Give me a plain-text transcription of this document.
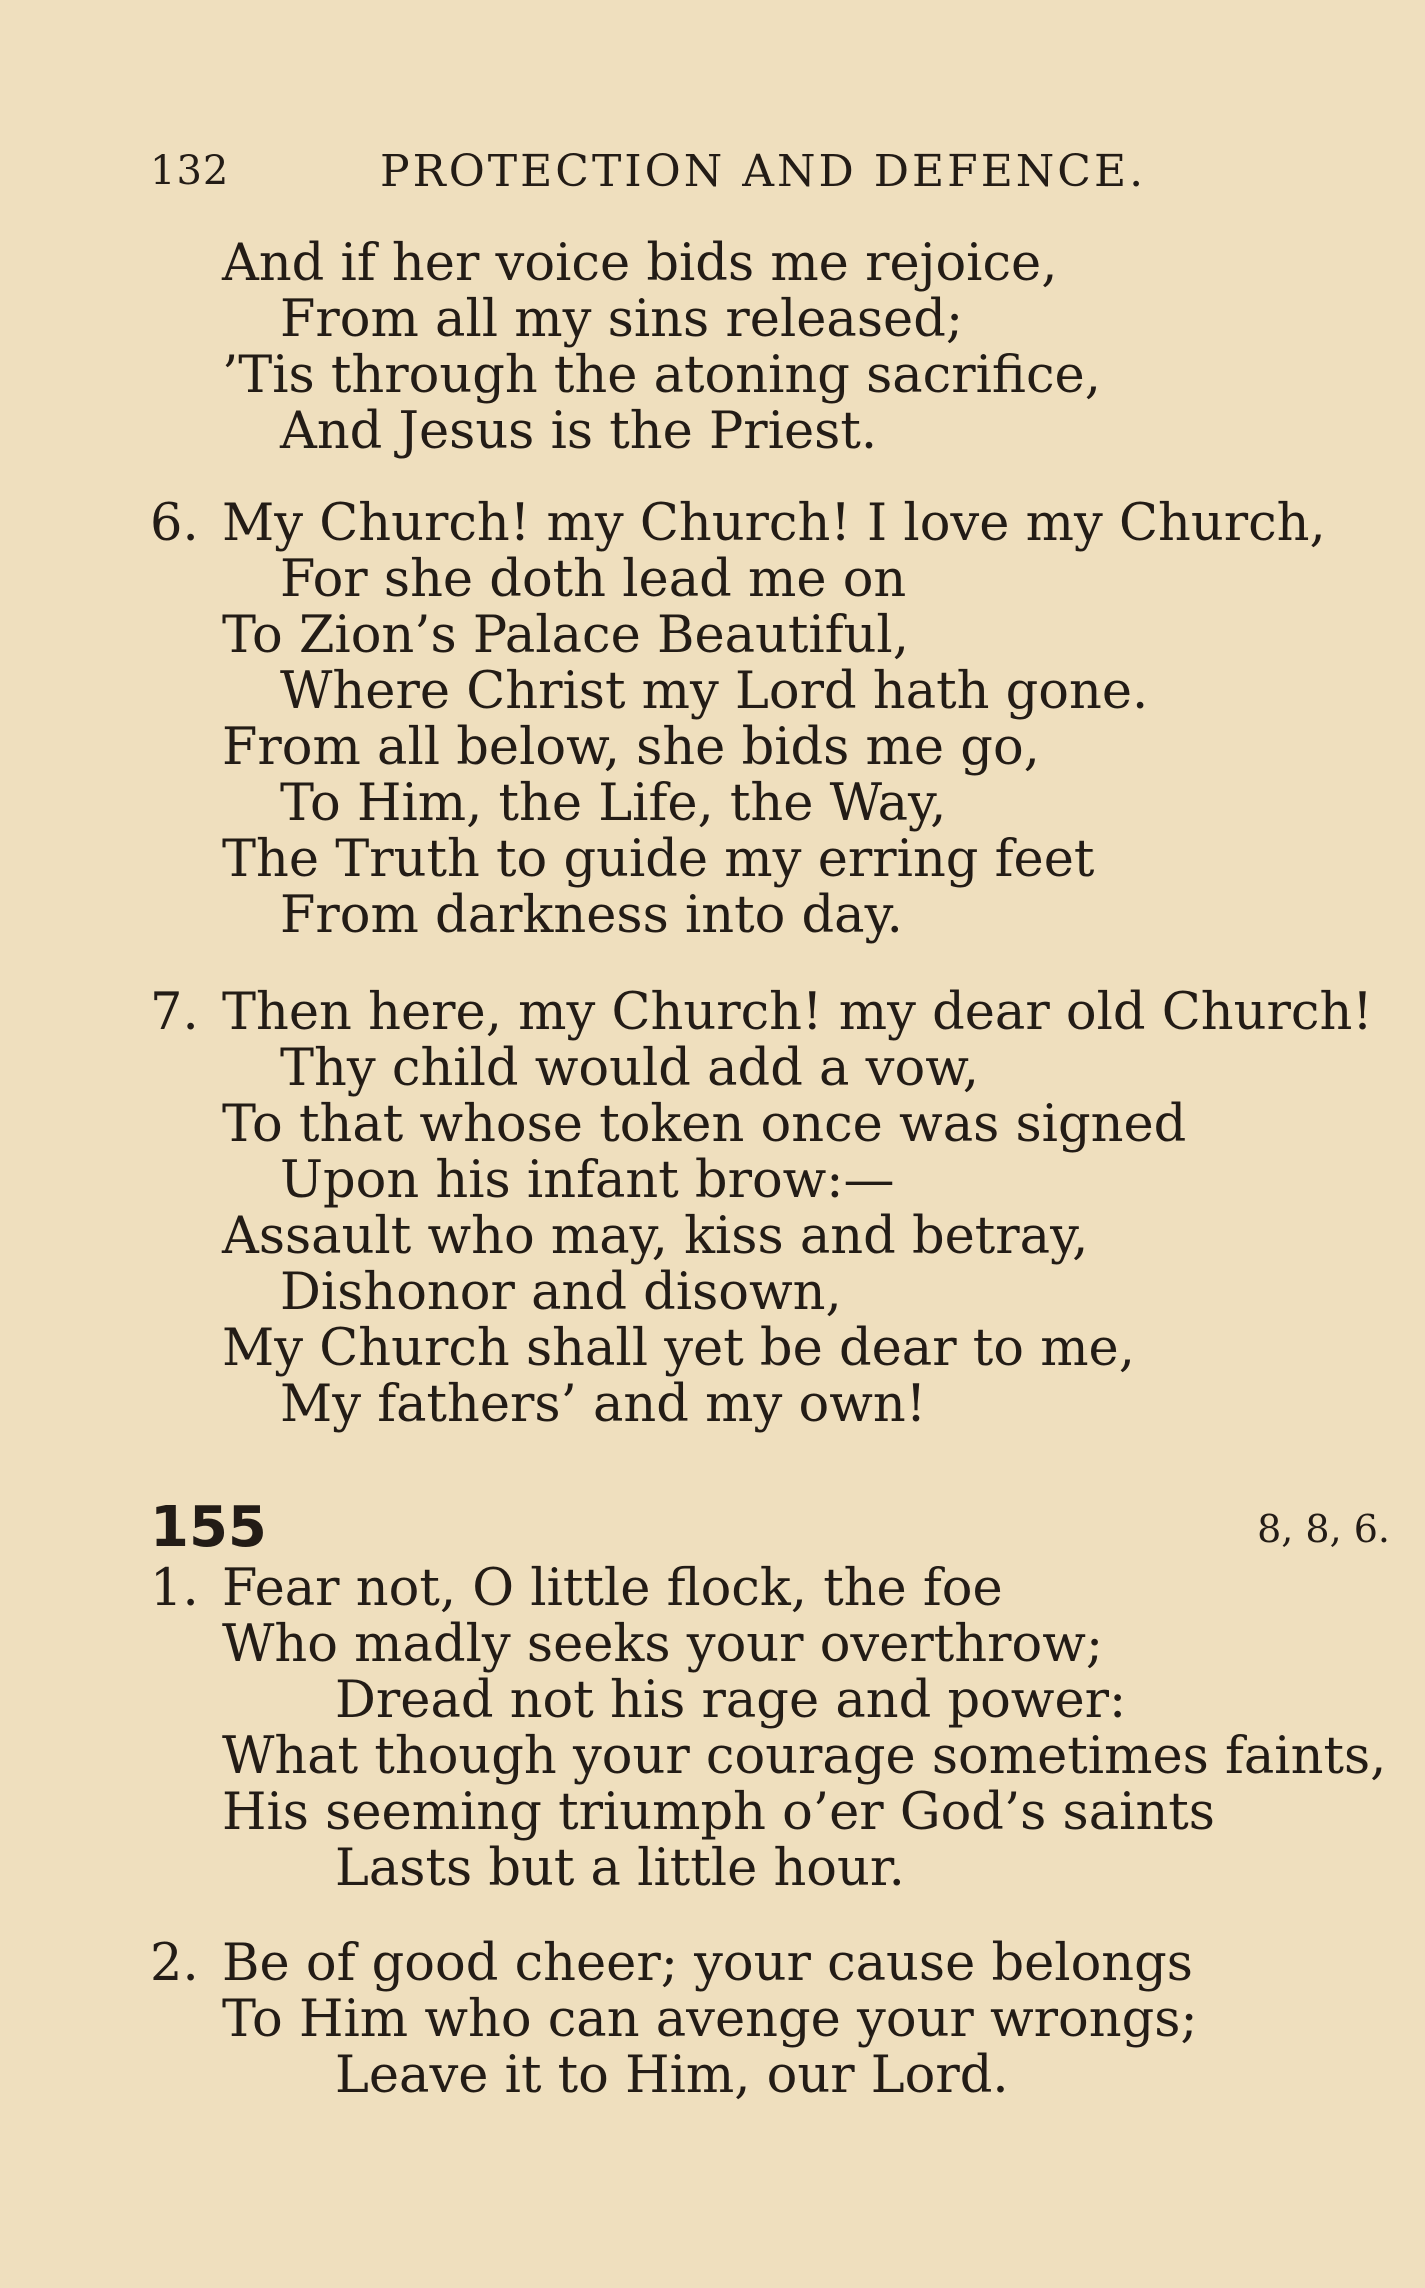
132	PROTECTION AND DEFENCE.
And if her voice bids me rejoice,
From all my sins released;
’Tis through the atoning sacrifice,
And Jesus is the Priest.
6. My Church! my Church! I love my Church,
For she doth lead me on
To Zion’s Palace Beautiful,
Where Christ my Lord hath gone.
From all below, she bids me go,
To Him, the Life, the Way,
The Truth to guide my erring feet
From darkness into day.
7. Then here, my Church! my dear old Church!
Thy child would add a vow,
To that whose token once was signed
Upon his infant brow:—
Assault who may, kiss and betray,
Dishonor and disown,
My Church shall yet be dear to me,
My fathers’ and my own!
155	8, 8, 6.
1. Fear not, O little flock, the foe
Who madly seeks your overthrow;
Dread not his rage and power:
What though your courage sometimes faints,
His seeming triumph o’er God’s saints
Lasts but a little hour.
2. Be of good cheer; your cause belongs
To Him who can avenge your wrongs;
Leave it to Him, our Lord.
